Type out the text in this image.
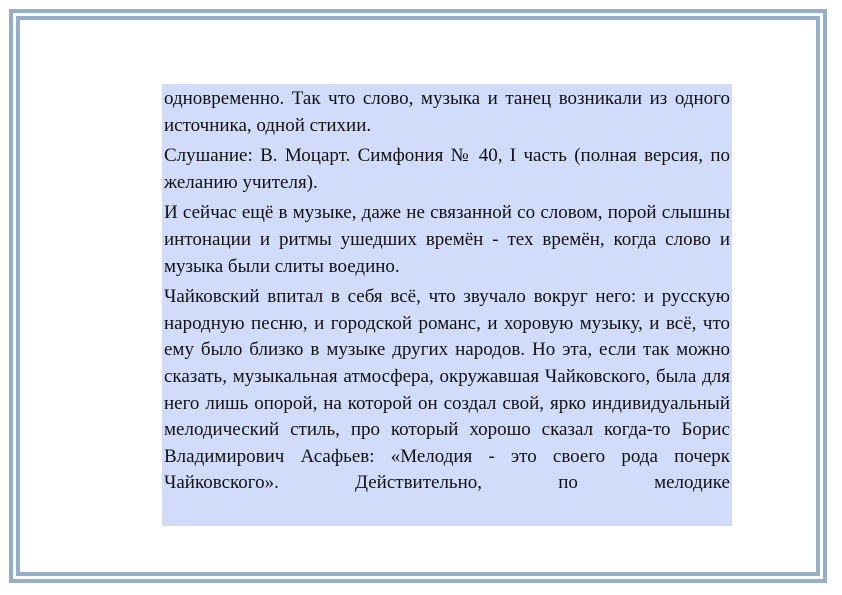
одновременно. Так что слово, музыка и танец возникали из одного источника, одной стихии.

Слушание: В. Моцарт. Симфония № 40, I часть (полная версия, по желанию учителя).

И сейчас ещё в музыке, даже не связанной со словом, порой слышны интонации и ритмы ушедших времён - тех времён, когда слово и музыка были слиты воедино.

Чайковский впитал в себя всё, что звучало вокруг него: и русскую народную песню, и городской романс, и хоровую музыку, и всё, что ему было близко в музыке других народов. Но эта, если так можно сказать, музыкальная атмосфера, окружавшая Чайковского, была для него лишь опорой, на которой он создал свой, ярко индивидуальный мелодический стиль, про который хорошо сказал когда-то Борис Владимирович Асафьев: «Мелодия - это своего рода почерк Чайковского». Действительно, по мелодике
